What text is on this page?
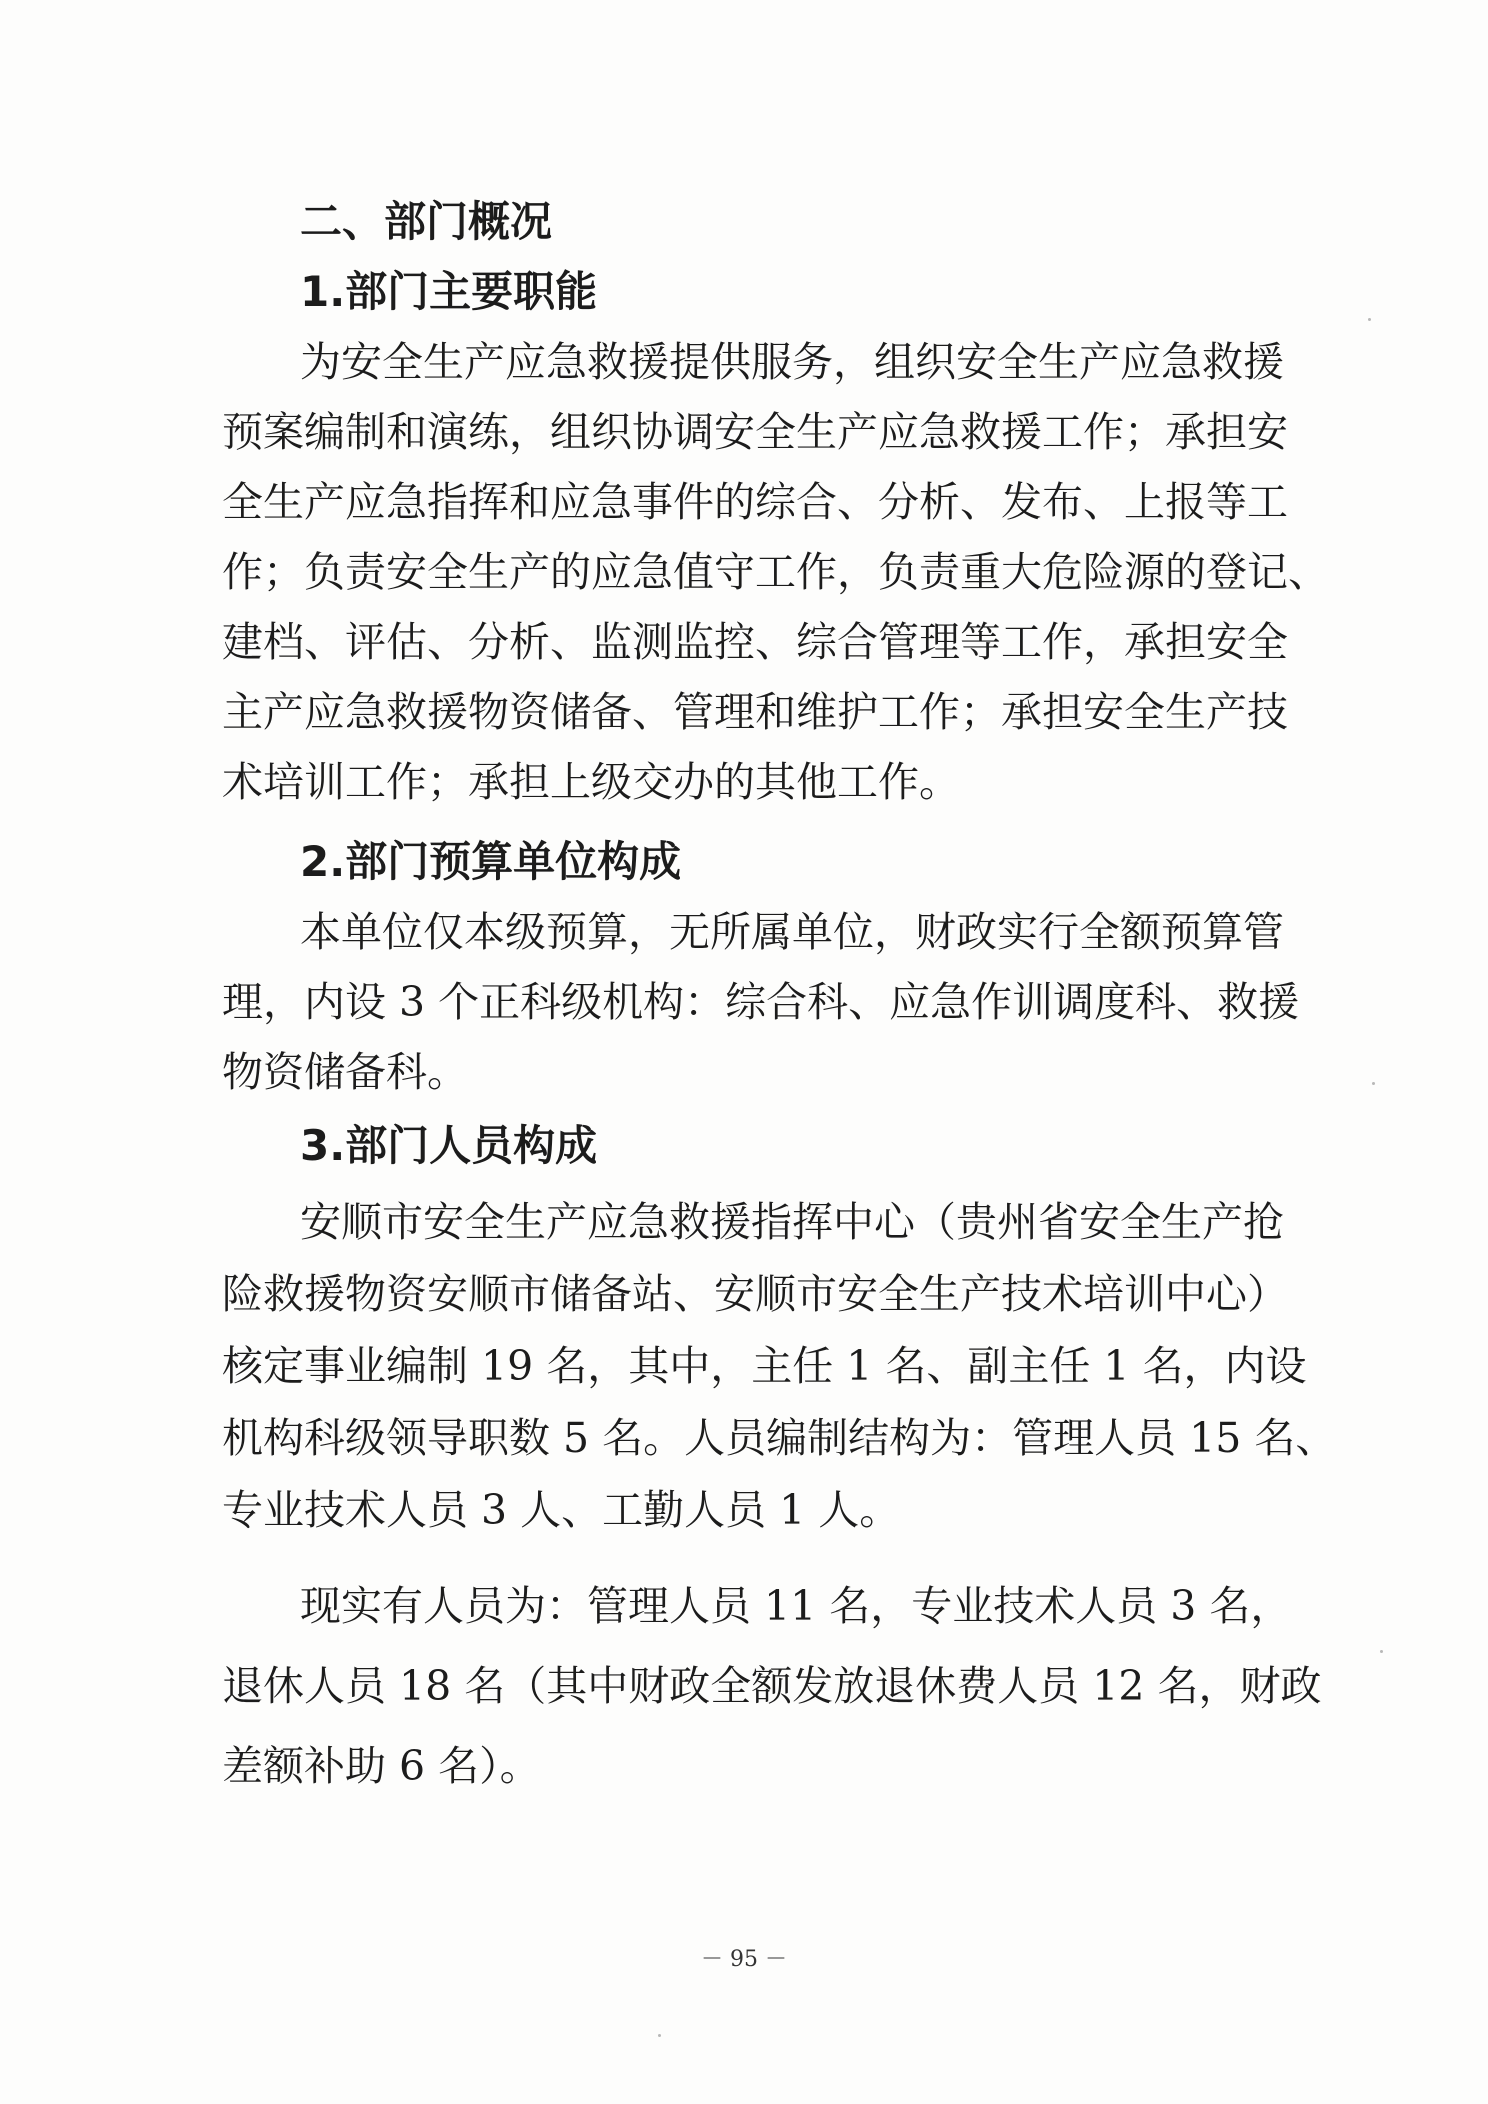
二、部门概况
1.部门主要职能
为安全生产应急救援提供服务，组织安全生产应急救援
预案编制和演练，组织协调安全生产应急救援工作；承担安
全生产应急指挥和应急事件的综合、分析、发布、上报等工
作；负责安全生产的应急值守工作，负责重大危险源的登记、
建档、评估、分析、监测监控、综合管理等工作，承担安全
主产应急救援物资储备、管理和维护工作；承担安全生产技
术培训工作；承担上级交办的其他工作。
2.部门预算单位构成
本单位仅本级预算，无所属单位，财政实行全额预算管
理，内设 3 个正科级机构：综合科、应急作训调度科、救援
物资储备科。
3.部门人员构成
安顺市安全生产应急救援指挥中心（贵州省安全生产抢
险救援物资安顺市储备站、安顺市安全生产技术培训中心）
核定事业编制 19 名，其中，主任 1 名、副主任 1 名，内设
机构科级领导职数 5 名。人员编制结构为：管理人员 15 名、
专业技术人员 3 人、工勤人员 1 人。
现实有人员为：管理人员 11 名，专业技术人员 3 名，
退休人员 18 名（其中财政全额发放退休费人员 12 名，财政
差额补助 6 名）。
－ 95 －
